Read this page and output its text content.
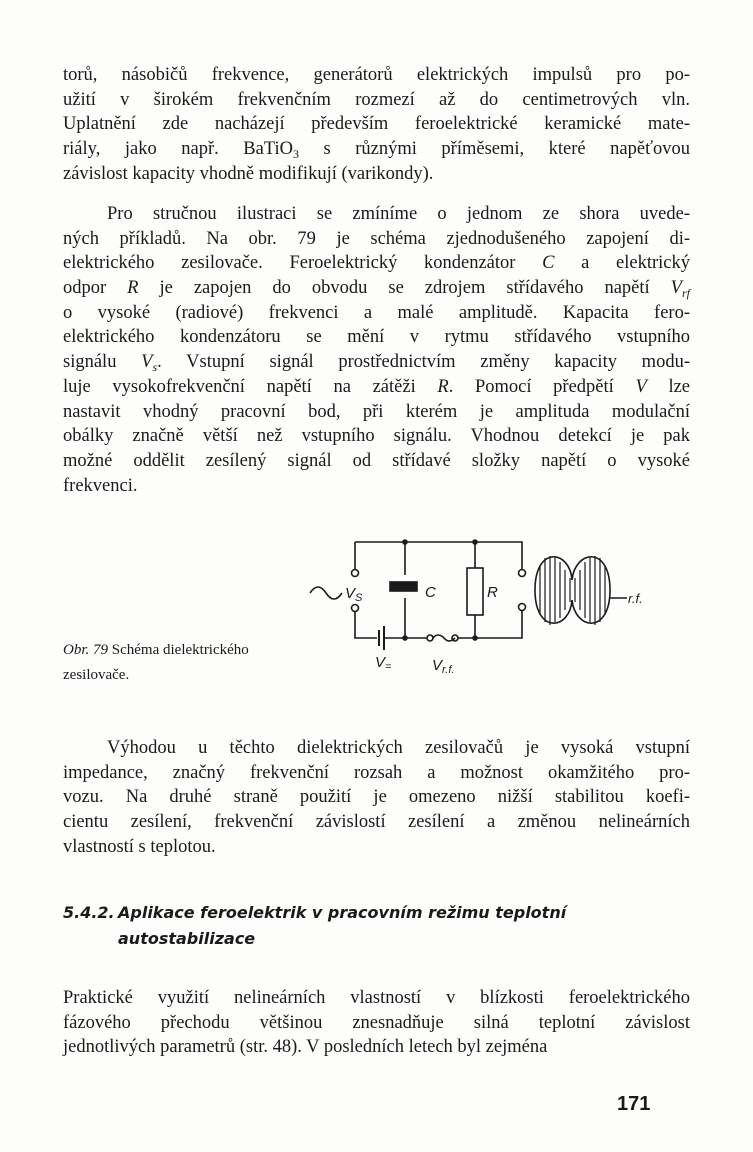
torů, násobičů frekvence, generátorů elektrických impulsů pro po-
užití v širokém frekvenčním rozmezí až do centimetrových vln.
Uplatnění zde nacházejí především feroelektrické keramické mate-
riály, jako např. BaTiO$_3$ s různými příměsemi, které napěťovou
závislost kapacity vhodně modifikují (varikondy).
Pro stručnou ilustraci se zmíníme o jednom ze shora uvede-
ných příkladů. Na obr. 79 je schéma zjednodušeného zapojení di-
elektrického zesilovače. Feroelektrický kondenzátor C a elektrický
odpor R je zapojen do obvodu se zdrojem střídavého napětí $V_{rf}$
o vysoké (radiové) frekvenci a malé amplitudě. Kapacita fero-
elektrického kondenzátoru se mění v rytmu střídavého vstupního
signálu $V_s$. Vstupní signál prostřednictvím změny kapacity modu-
luje vysokofrekvenční napětí na zátěži R. Pomocí předpětí V lze
nastavit vhodný pracovní bod, při kterém je amplituda modulační
obálky značně větší než vstupního signálu. Vhodnou detekcí je pak
možné oddělit zesílený signál od střídavé složky napětí o vysoké
frekvenci.
$V_S$	C	R	r.f.
$V_=$	$V_{r.f.}$
Obr. 79 Schéma dielektrického
zesilovače.
Výhodou u těchto dielektrických zesilovačů je vysoká vstupní
impedance, značný frekvenční rozsah a možnost okamžitého pro-
vozu. Na druhé straně použití je omezeno nižší stabilitou koefi-
cientu zesílení, frekvenční závislostí zesílení a změnou nelineárních
vlastností s teplotou.
5.4.2. Aplikace feroelektrik v pracovním režimu teplotní
autostabilizace
Praktické využití nelineárních vlastností v blízkosti feroelektrického
fázového přechodu většinou znesnadňuje silná teplotní závislost
jednotlivých parametrů (str. 48). V posledních letech byl zejména
171
